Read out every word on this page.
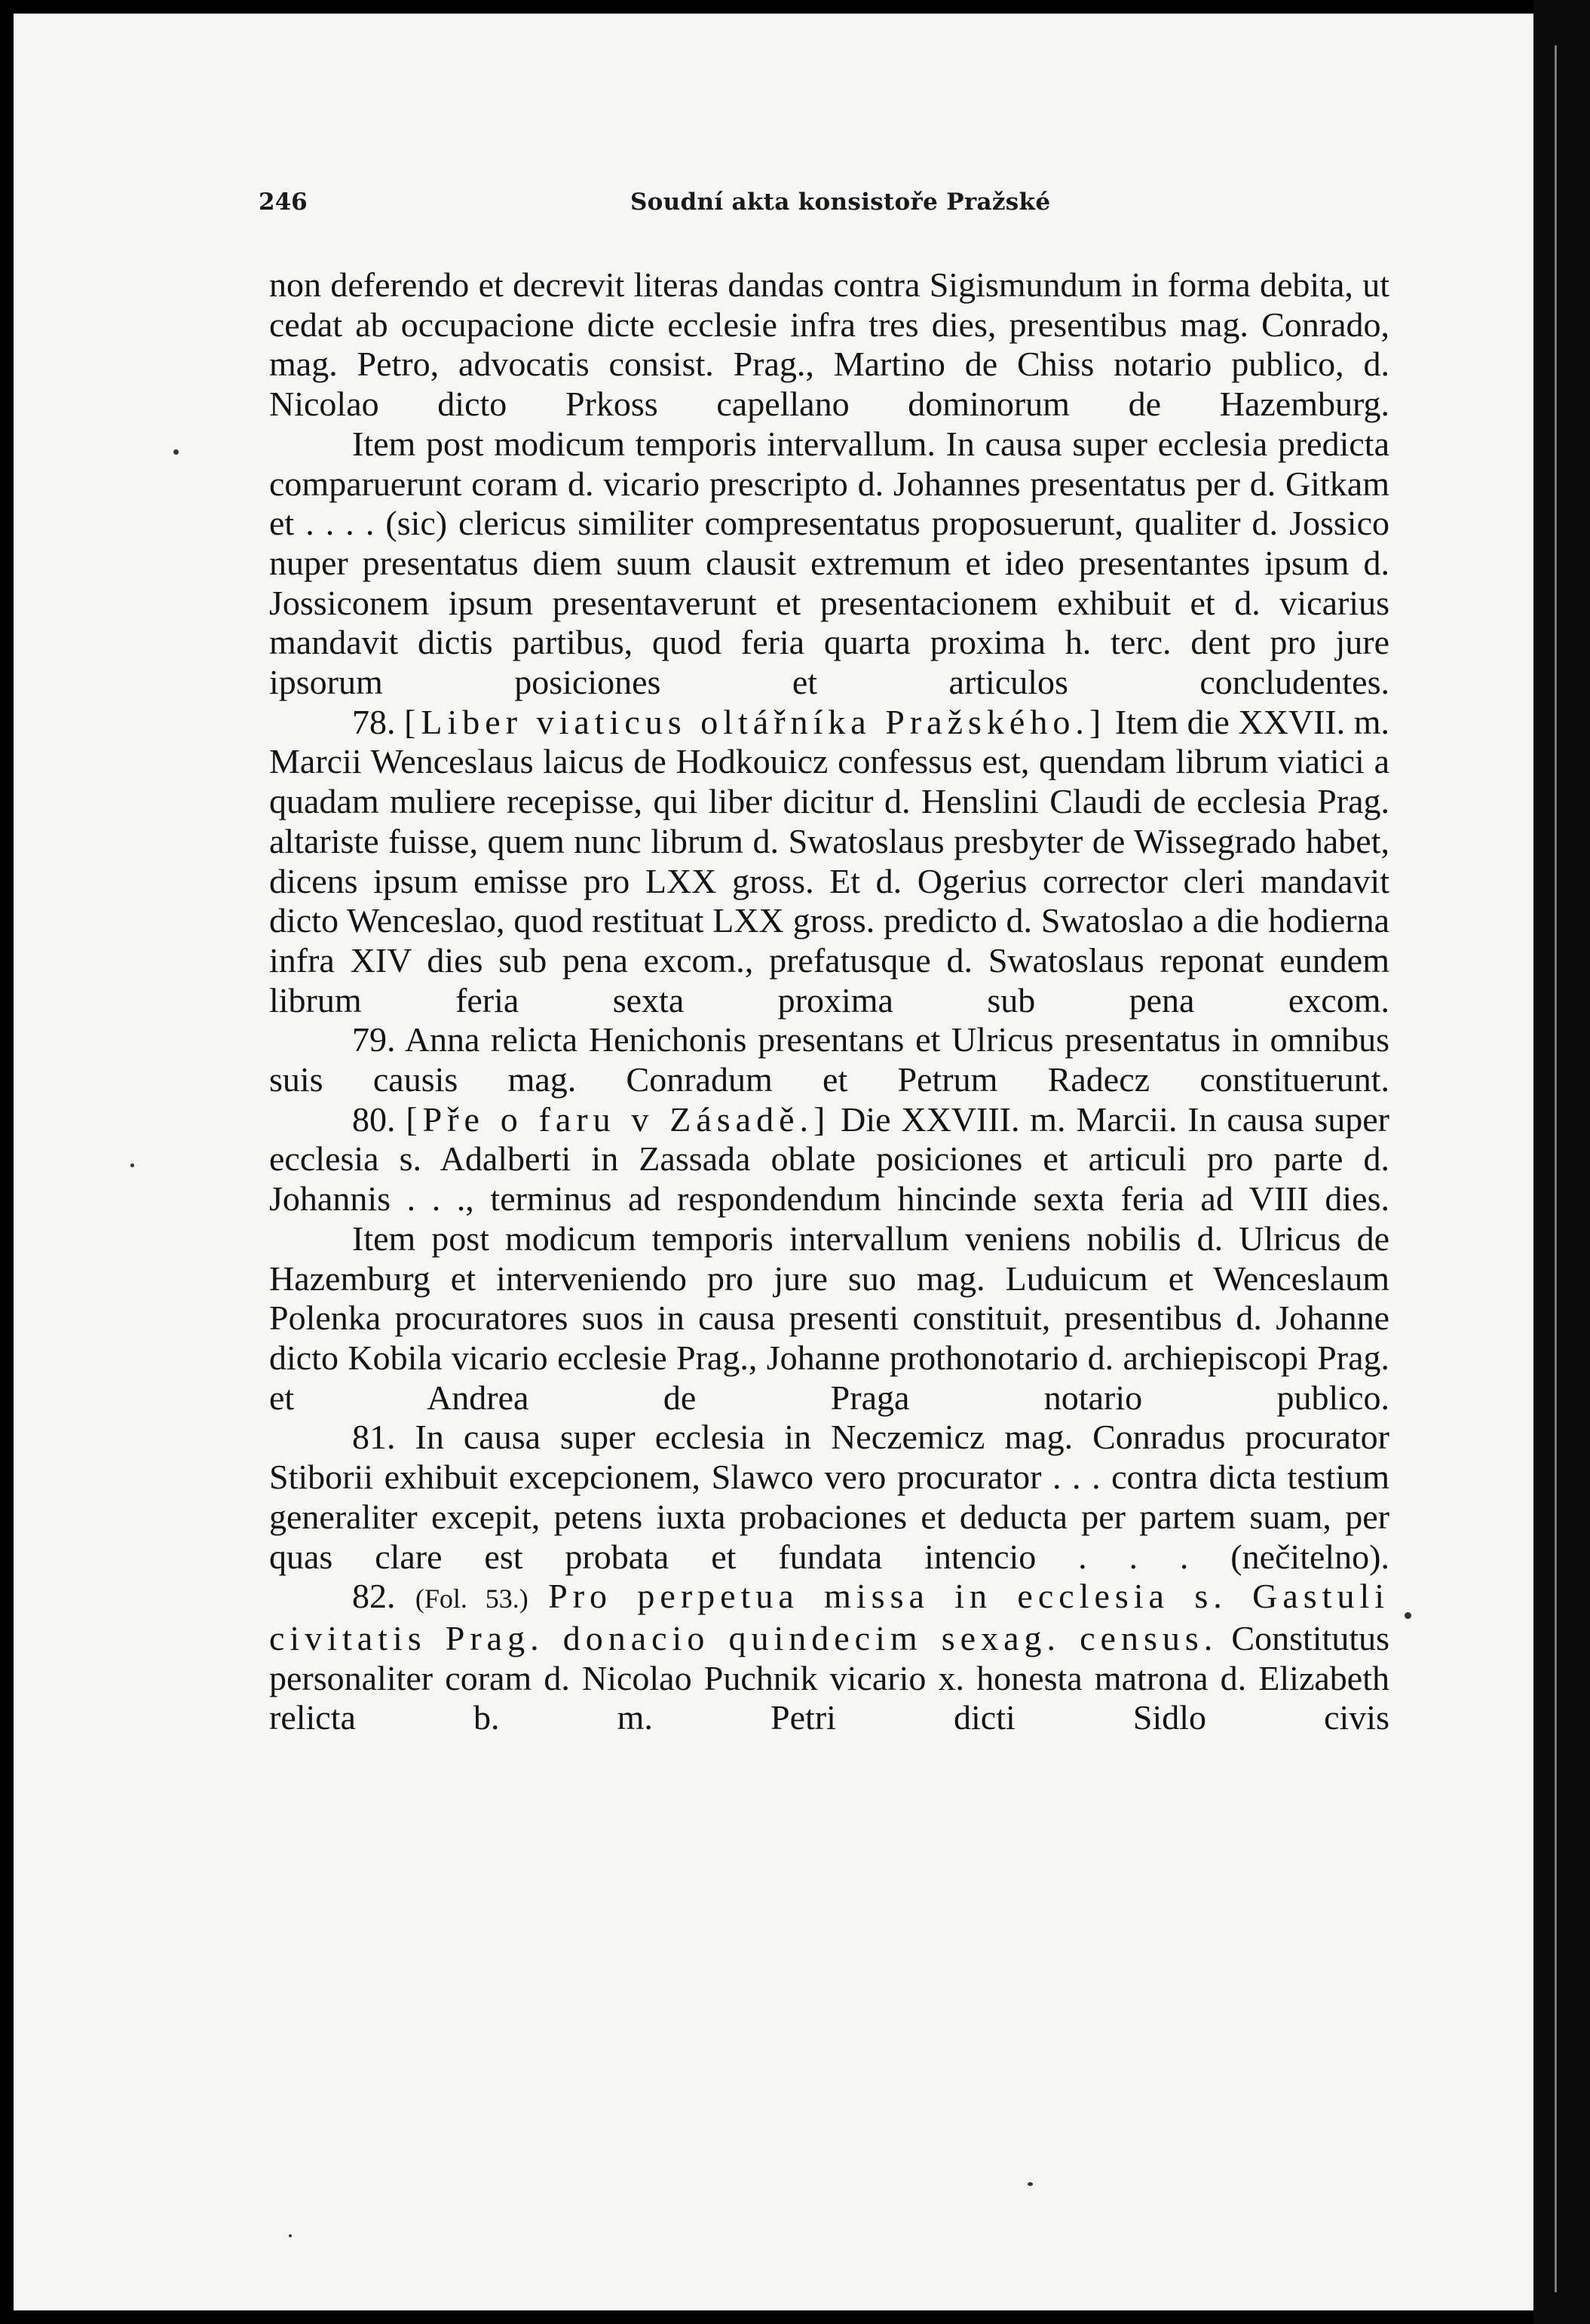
246	Soudní akta konsistoře Pražské

non deferendo et decrevit literas dandas contra Sigismundum in forma debita, ut cedat ab occupacione dicte ecclesie infra tres dies, presentibus mag. Conrado, mag. Petro, advocatis consist. Prag., Martino de Chiss notario publico, d. Nicolao dicto Prkoss capellano dominorum de Hazemburg.

Item post modicum temporis intervallum. In causa super ecclesia predicta comparuerunt coram d. vicario prescripto d. Johannes presentatus per d. Gitkam et . . . . (sic) clericus similiter compresentatus proposuerunt, qualiter d. Jossico nuper presentatus diem suum clausit extremum et ideo presentantes ipsum d. Jossiconem ipsum presentaverunt et presentacionem exhibuit et d. vicarius mandavit dictis partibus, quod feria quarta proxima h. terc. dent pro jure ipsorum posiciones et articulos concludentes.

78. [Liber viaticus oltářníka Pražského.] Item die XXVII. m. Marcii Wenceslaus laicus de Hodkouicz confessus est, quendam librum viatici a quadam muliere recepisse, qui liber dicitur d. Henslini Claudi de ecclesia Prag. altariste fuisse, quem nunc librum d. Swatoslaus presbyter de Wissegrado habet, dicens ipsum emisse pro LXX gross. Et d. Ogerius corrector cleri mandavit dicto Wenceslao, quod restituat LXX gross. predicto d. Swatoslao a die hodierna infra XIV dies sub pena excom., prefatusque d. Swatoslaus reponat eundem librum feria sexta proxima sub pena excom.

79. Anna relicta Henichonis presentans et Ulricus presentatus in omnibus suis causis mag. Conradum et Petrum Radecz constituerunt.

80. [Pře o faru v Zásadě.] Die XXVIII. m. Marcii. In causa super ecclesia s. Adalberti in Zassada oblate posiciones et articuli pro parte d. Johannis . . ., terminus ad respondendum hincinde sexta feria ad VIII dies.

Item post modicum temporis intervallum veniens nobilis d. Ulricus de Hazemburg et interveniendo pro jure suo mag. Luduicum et Wenceslaum Polenka procuratores suos in causa presenti constituit, presentibus d. Johanne dicto Kobila vicario ecclesie Prag., Johanne prothonotario d. archiepiscopi Prag. et Andrea de Praga notario publico.

81. In causa super ecclesia in Neczemicz mag. Conradus procurator Stiborii exhibuit excepcionem, Slawco vero procurator . . . contra dicta testium generaliter excepit, petens iuxta probaciones et deducta per partem suam, per quas clare est probata et fundata intencio . . . (nečitelno).

82. (Fol. 53.) Pro perpetua missa in ecclesia s. Gastuli civitatis Prag. donacio quindecim sexag. census. Constitutus personaliter coram d. Nicolao Puchnik vicario x. honesta matrona d. Elizabeth relicta b. m. Petri dicti Sidlo civis
